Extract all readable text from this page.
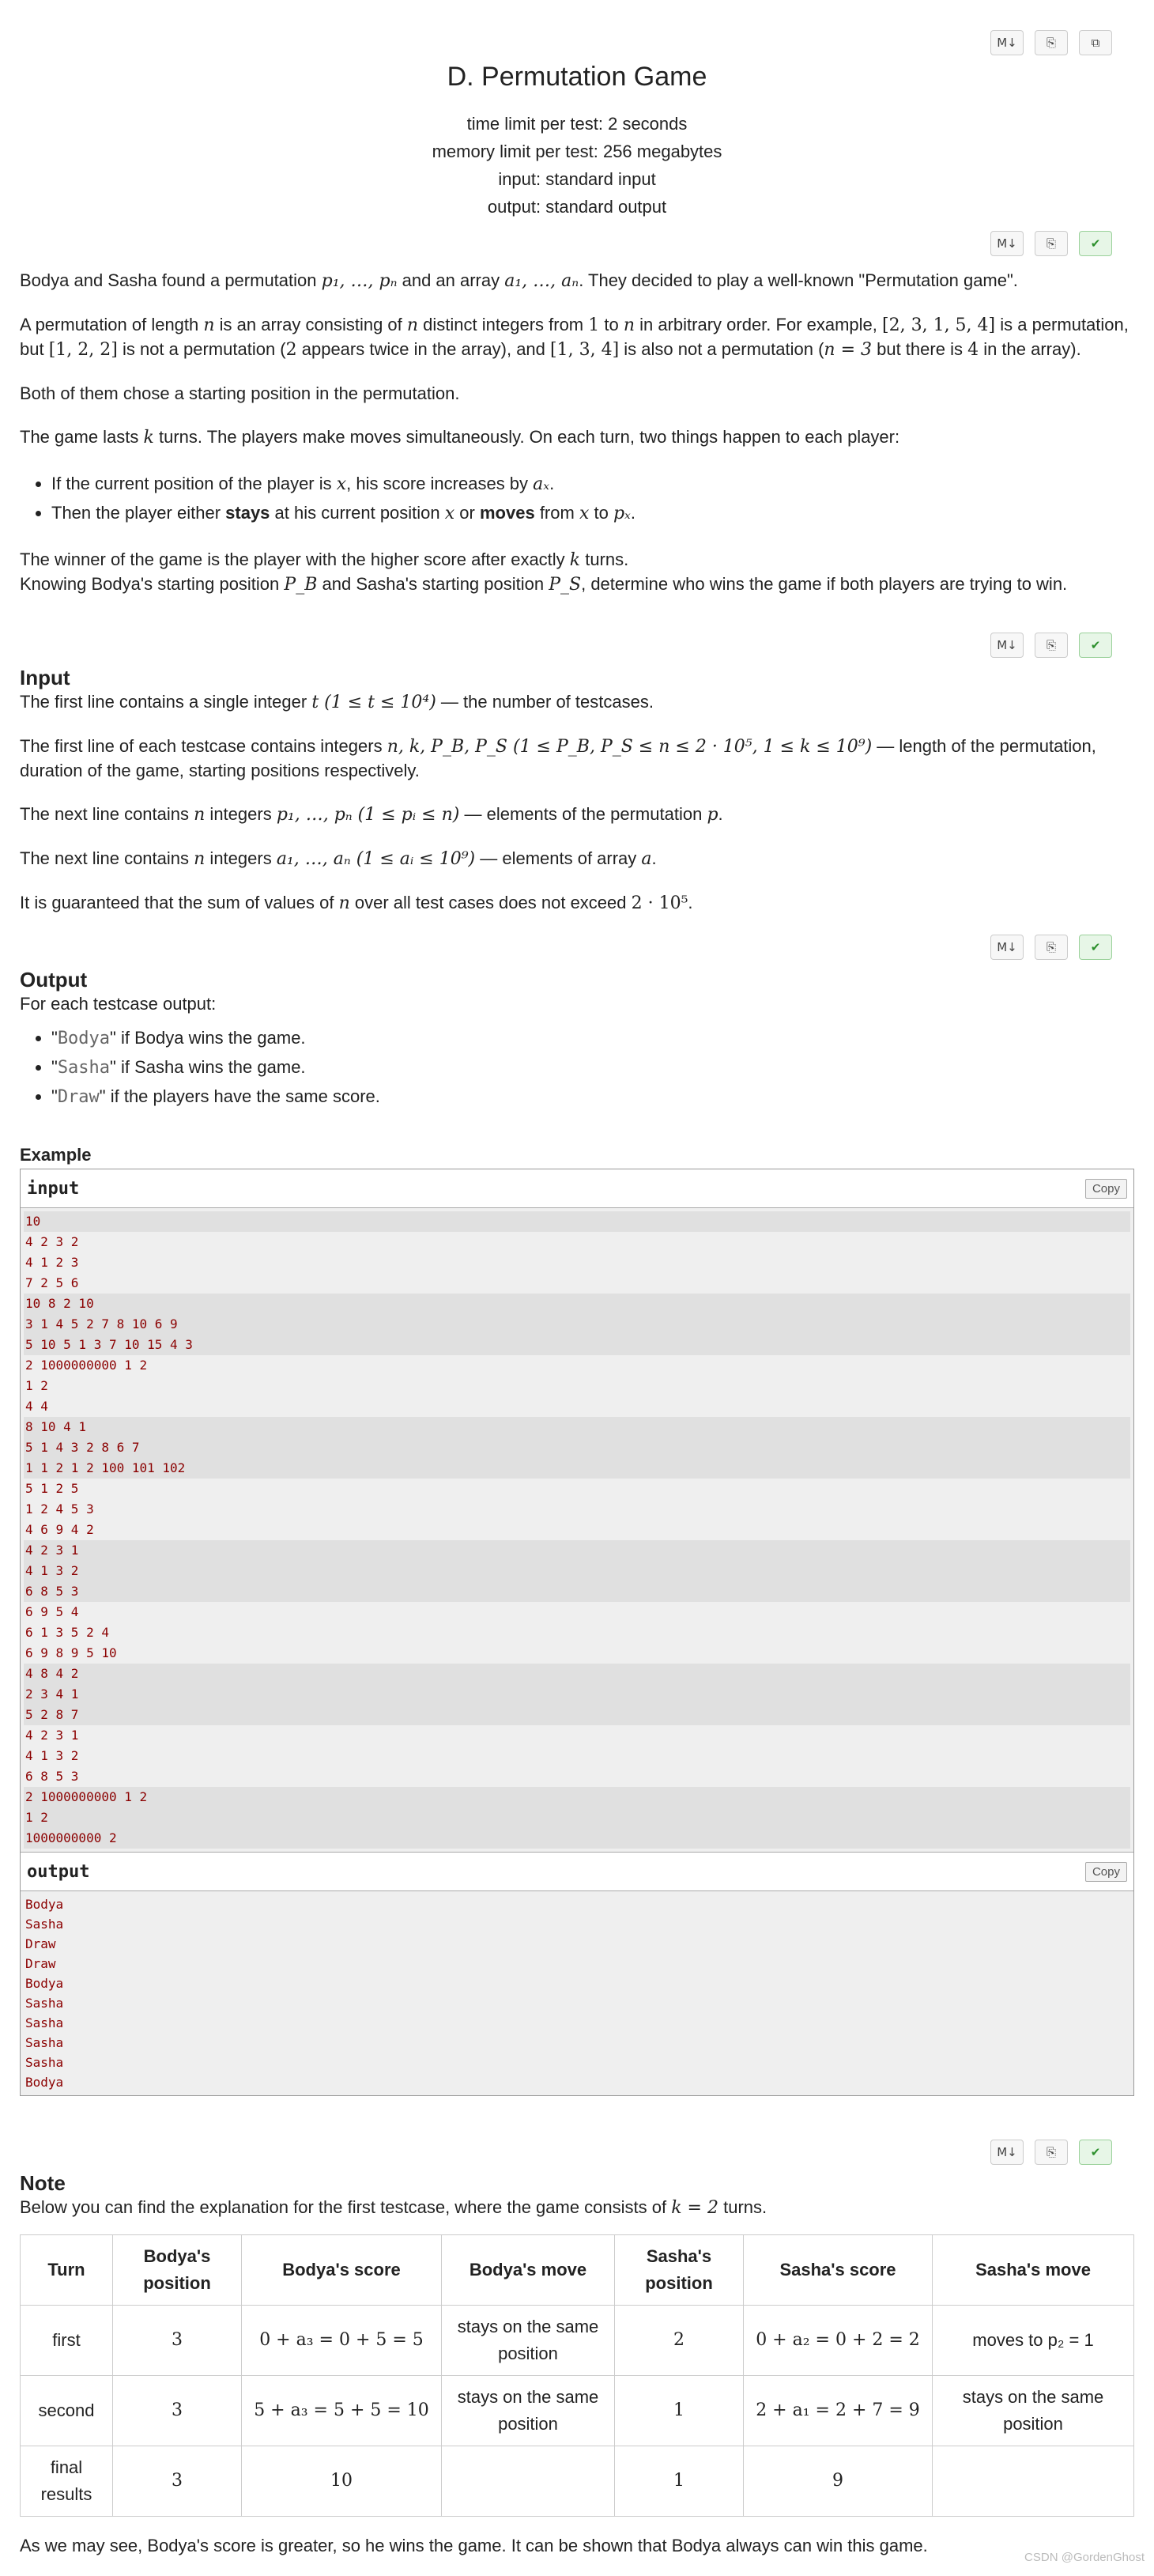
M↓	⎘	⧉
D. Permutation Game
time limit per test: 2 seconds
memory limit per test: 256 megabytes
input: standard input
output: standard output
M↓	⎘	✔

Bodya and Sasha found a permutation p₁, …, pₙ and an array a₁, …, aₙ. They decided to play a well-known "Permutation game".

A permutation of length n is an array consisting of n distinct integers from 1 to n in arbitrary order. For example, [2, 3, 1, 5, 4] is a permutation, but [1, 2, 2] is not a permutation (2 appears twice in the array), and [1, 3, 4] is also not a permutation (n = 3 but there is 4 in the array).

Both of them chose a starting position in the permutation.

The game lasts k turns. The players make moves simultaneously. On each turn, two things happen to each player:

• If the current position of the player is x, his score increases by aₓ.
• Then the player either stays at his current position x or moves from x to pₓ.
The winner of the game is the player with the higher score after exactly k turns.
Knowing Bodya's starting position P_B and Sasha's starting position P_S, determine who wins the game if both players are trying to win.
M↓	⎘	✔
Input

The first line contains a single integer t (1 ≤ t ≤ 10⁴) — the number of testcases.

The first line of each testcase contains integers n, k, P_B, P_S (1 ≤ P_B, P_S ≤ n ≤ 2 · 10⁵, 1 ≤ k ≤ 10⁹) — length of the permutation, duration of the game, starting positions respectively.

The next line contains n integers p₁, …, pₙ (1 ≤ pᵢ ≤ n) — elements of the permutation p.

The next line contains n integers a₁, …, aₙ (1 ≤ aᵢ ≤ 10⁹) — elements of array a.

It is guaranteed that the sum of values of n over all test cases does not exceed 2 · 10⁵.

M↓	⎘	✔
Output
For each testcase output:
• "Bodya" if Bodya wins the game.
• "Sasha" if Sasha wins the game.
• "Draw" if the players have the same score.
Example
input	Copy
10
4 2 3 2
4 1 2 3
7 2 5 6
10 8 2 10
3 1 4 5 2 7 8 10 6 9
5 10 5 1 3 7 10 15 4 3
2 1000000000 1 2
1 2
4 4
8 10 4 1
5 1 4 3 2 8 6 7
1 1 2 1 2 100 101 102
5 1 2 5
1 2 4 5 3
4 6 9 4 2
4 2 3 1
4 1 3 2
6 8 5 3
6 9 5 4
6 1 3 5 2 4
6 9 8 9 5 10
4 8 4 2
2 3 4 1
5 2 8 7
4 2 3 1
4 1 3 2
6 8 5 3
2 1000000000 1 2
1 2
1000000000 2
output	Copy
Bodya
Sasha
Draw
Draw
Bodya
Sasha
Sasha
Sasha
Sasha
Bodya
M↓	⎘	✔
Note
Below you can find the explanation for the first testcase, where the game consists of k = 2 turns.
Turn	Bodya's position	Bodya's score	Bodya's move	Sasha's position	Sasha's score	Sasha's move
first	3	0 + a₃ = 0 + 5 = 5	stays on the same position	2	0 + a₂ = 0 + 2 = 2	moves to p₂ = 1
second	3	5 + a₃ = 5 + 5 = 10	stays on the same position	1	2 + a₁ = 2 + 7 = 9	stays on the same position
final results	3	10		1	9	
As we may see, Bodya's score is greater, so he wins the game. It can be shown that Bodya always can win this game.
CSDN @GordenGhost
